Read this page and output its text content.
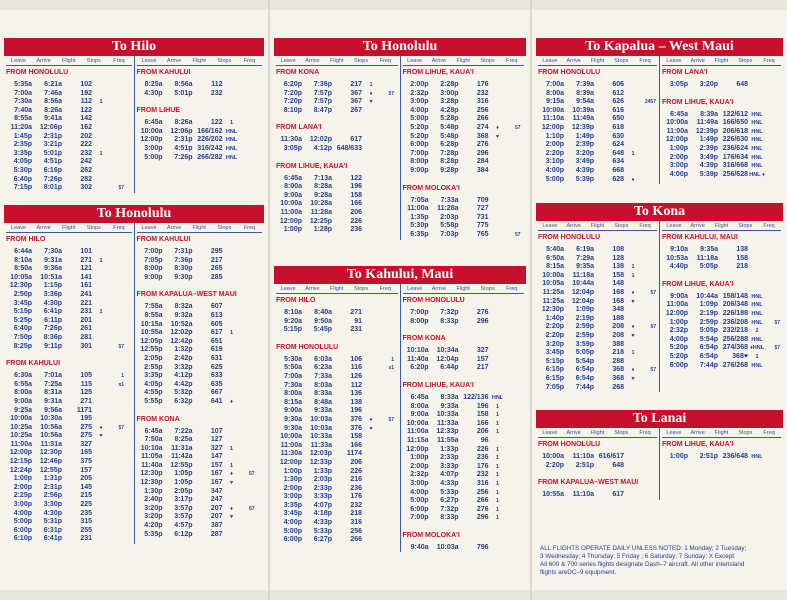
To Hilo
Leave	Arrive	Flight	Stops	Freq
FROM HONOLULU
5:35a	6:21a	102
7:00a	7:46a	192
7:30a	8:56a	112	1
7:40a	8:26a	122
8:55a	9:41a	142
11:20a	12:06p	162
1:45p	2:31p	202
2:35p	3:21p	222
3:35p	5:01p	232	1
4:05p	4:51p	242
5:30p	6:16p	262
6:40p	7:26p	282
7:15p	8:01p	302	57
Leave	Arrive	Flight	Stops	Freq
FROM KAHULUI
8:25a	8:56a	112
4:30p	5:01p	232
FROM LIHUE
6:45a	8:26a	122	1
10:00a	12:06p 166/162 HNL
12:00p	2:31p 226/202 HNL
3:00p	4:51p 316/242 HNL
5:00p	7:26p 266/282 HNL
To Honolulu
Leave	Arrive	Flight	Stops	Freq
FROM HILO
6:44a	7:30a	101
8:10a	9:31a	271	1
8:50a	9:36a	121
10:05a	10:51a	141
12:30p	1:15p	161
2:50p	3:36p	241
3:45p	4:30p	221
5:15p	6:41p	231	1
5:25p	6:11p	201
6:40p	7:26p	261
7:50p	8:36p	281
8:25p	9:11p	301	57
FROM KAHULUI
6:30a	7:01a	105	1
6:55a	7:25a	115	x1
8:00a	8:31a	125
9:00a	9:31a	271
9:25a	9:56a	1171
10:00a	10:30a	195
10:25a	10:56a	275	♦	57
10:25a	10:56a	275	♥
11:00a	11:31a	327
12:00p	12:30p	165
12:15p	12:46p	375
12:24p	12:55p	157
1:00p	1:31p	205
2:00p	2:31p	145
2:25p	2:56p	215
3:00p	3:30p	225
4:00p	4:30p	235
5:00p	5:31p	315
6:00p	6:31p	255
6:10p	6:41p	231
Leave	Arrive	Flight	Stops	Freq
FROM KAHULUI
7:00p	7:31p	295
7:05p	7:36p	217
8:00p	8:30p	265
9:00p	9:30p	285
FROM KAPALUA–WEST MAUI
7:55a	8:32a	607
8:55a	9:32a	613
10:15a	10:52a	605
10:55a	12:02p	617	1
12:05p	12:42p	651
12:55p	1:32p	619
2:05p	2:42p	631
2:55p	3:32p	625
3:35p	4:12p	633
4:05p	4:42p	635
4:55p	5:32p	667
5:55p	6:32p	641	♦
FROM KONA
6:45a	7:22a	107
7:50a	8:25a	127
10:10a	11:31a	327	1
11:05a	11:42a	147
11:40a	12:55p	157	1
12:30p	1:05p	167	♦	57
12:30p	1:05p	167	♥
1:30p	2:05p	347
2:40p	3:17p	247
3:20p	3:57p	207	♦	57
3:20p	3:57p	207	♥
4:20p	4:57p	387
5:35p	6:12p	287
To Honolulu
Leave	Arrive	Flight	Stops	Freq
FROM KONA
6:20p	7:36p	217	1
7:20p	7:57p	367	♦	57
7:20p	7:57p	367	♥
8:10p	8:47p	267
FROM LANA'I
11:30a	12:02p	617
3:05p	4:12p 648/633
FROM LIHUE, KAUA'I
6:45a	7:13a	122
8:00a	8:28a	196
9:00a	9:28a	158
10:00a	10:28a	166
11:00a	11:28a	206
12:00p	12:25p	226
1:00p	1:28p	236
Leave	Arrive	Flight	Stops	Freq
FROM LIHUE, KAUA'I
2:00p	2:28p	176
2:32p	3:00p	232
3:00p	3:28p	316
4:00p	4:28p	256
5:00p	5:28p	266
5:20p	5:48p	274	♦	57
5:20p	5:48p	368	♥
6:00p	6:28p	276
7:00p	7:28p	296
8:00p	8:28p	284
9:00p	9:28p	384
FROM MOLOKA'I
7:05a	7:33a	709
11:00a	11:28a	727
1:35p	2:03p	731
5:30p	5:58p	775
6:35p	7:03p	765	57
To Kahului, Maui
Leave	Arrive	Flight	Stops	Freq
FROM HILO
8:10a	8:40a	271
9:20a	9:50a	91
5:15p	5:45p	231
FROM HONOLULU
5:30a	6:03a	106	1
5:50a	6:23a	116	x1
7:00a	7:33a	126
7:30a	8:03a	112
8:00a	8:33a	136
8:15a	8:48a	138
9:00a	9:33a	196
9:30a	10:03a	376	♦	57
9:30a	10:03a	376	♥
10:00a	10:33a	158
11:00a	11:33a	166
11:30a	12:03p	1174
12:00p	12:33p	206
1:00p	1:33p	226
1:30p	2:03p	216
2:00p	2:33p	236
3:00p	3:33p	176
3:35p	4:07p	232
3:45p	4:18p	218
4:00p	4:33p	316
5:00p	5:33p	256
6:00p	6:27p	266
Leave	Arrive	Flight	Stops	Freq
FROM HONOLULU
7:00p	7:32p	276
8:00p	8:33p	296
FROM KONA
10:10a	10:34a	327
11:40a	12:04p	157
6:20p	6:44p	217
FROM LIHUE, KAUA'I
6:45a	8:33a 122/136 HNL
8:00a	9:33a	196	1
9:00a	10:33a	158	1
10:00a	11:33a	166	1
11:00a	12:33p	206	1
11:15a	11:55a	96
12:00p	1:33p	226	1
1:00p	2:33p	236	1
2:00p	3:33p	176	1
2:32p	4:07p	232	1
3:00p	4:33p	316	1
4:00p	5:33p	256	1
5:00p	6:27p	266	1
6:00p	7:32p	276	1
7:00p	8:33p	296	1
FROM MOLOKA'I
9:40a	10:03a	796
To Kapalua – West Maui
Leave	Arrive	Flight	Stops	Freq
FROM HONOLULU
7:00a	7:39a	606
8:00a	8:39a	612
9:15a	9:54a	626	2457
10:00a	10:39a	616
11:10a	11:49a	650
12:00p	12:39p	618
1:10p	1:49p	630
2:00p	2:39p	624
2:20p	3:20p	648	1
3:10p	3:49p	634
4:00p	4:39p	668
5:00p	5:39p	628	♦
Leave	Arrive	Flight	Stops	Freq
FROM LANA'I
3:05p	3:20p	648
FROM LIHUE, KAUA'I
6:45a	8:39a 122/612 HNL
10:00a	11:49a 166/650 HNL
11:00a	12:39p 206/618 HNL
12:00p	1:49p 226/630 HNL
1:00p	2:39p 236/624 HNL
2:00p	3:49p 176/634 HNL
3:00p	4:39p 316/668 HNL
4:00p	5:39p 256/628 HNL ♦
To Kona
Leave	Arrive	Flight	Stops	Freq
FROM HONOLULU
5:40a	6:19a	108
6:50a	7:29a	128
8:15a	9:35a	138	1
10:00a	11:18a	158	1
10:05a	10:44a	148
11:25a	12:04p	168	♦	57
11:25a	12:04p	168	♥
12:30p	1:09p	348
1:40p	2:19p	188
2:20p	2:59p	208	♦	57
2:20p	2:59p	208	♥
3:20p	3:59p	388
3:45p	5:05p	218	1
5:15p	5:54p	288
6:15p	6:54p	368	♦	57
6:15p	6:54p	368	♥
7:05p	7:44p	268
Leave	Arrive	Flight	Stops	Freq
FROM KAHULUI, MAUI
9:10a	9:35a	138
10:53a	11:18a	158
4:40p	5:05p	218
FROM LIHUE, KAUA'I
9:00a	10:44a 158/148 HNL
11:00a	1:09p 206/348 HNL
12:00p	2:19p 226/188 HNL
1:00p	2:59p 236/208 HNL	57
2:32p	5:05p 232/218	2
4:00p	5:54p 256/288 HNL
5:20p	6:54p 274/368 ♦HNL	57
5:20p	6:54p	368♥	1
6:00p	7:44p 276/268 HNL
To Lanai
Leave	Arrive	Flight	Stops	Freq
FROM HONOLULU
10:00a	11:10a 616/617
2:20p	2:51p	648
FROM KAPALUA–WEST MAUI
10:55a	11:10a	617
Leave	Arrive	Flight	Stops	Freq
FROM LIHUE, KAUA'I
1:00p	2:51p 236/648 HNL
ALL FLIGHTS OPERATE DAILY UNLESS NOTED: 1 Monday; 2 Tuesday;
3 Wednesday; 4 Thursday; 5 Friday ; 6 Saturday; 7 Sunday; X Except
All 600 & 700 series flights designate Dash–7 aircraft. All other interisland
flights areDC–9 equipment.
